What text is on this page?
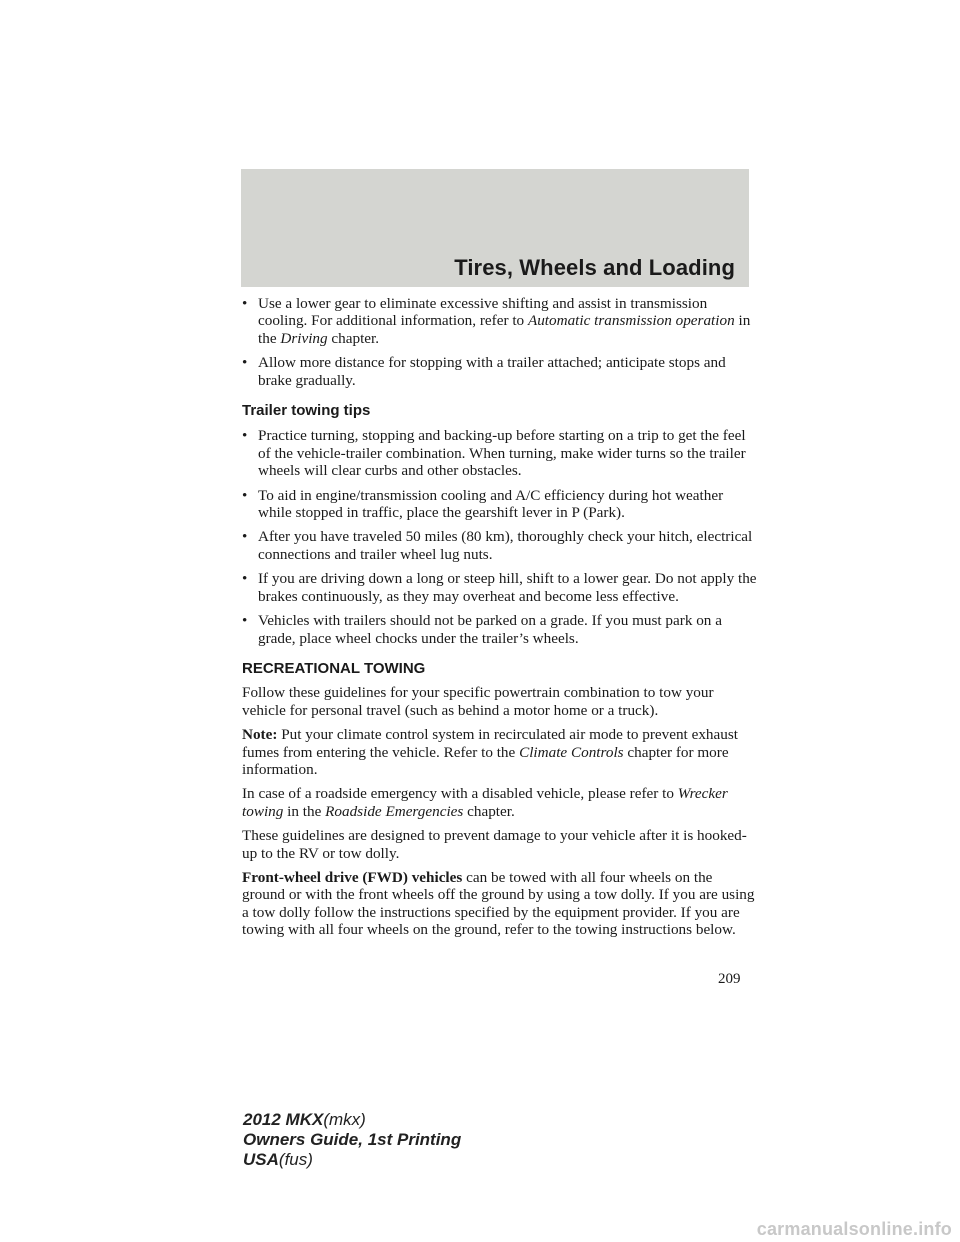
Tires, Wheels and Loading
• Use a lower gear to eliminate excessive shifting and assist in transmission cooling. For additional information, refer to Automatic transmission operation in the Driving chapter.
• Allow more distance for stopping with a trailer attached; anticipate stops and brake gradually.
Trailer towing tips
• Practice turning, stopping and backing-up before starting on a trip to get the feel of the vehicle-trailer combination. When turning, make wider turns so the trailer wheels will clear curbs and other obstacles.
• To aid in engine/transmission cooling and A/C efficiency during hot weather while stopped in traffic, place the gearshift lever in P (Park).
• After you have traveled 50 miles (80 km), thoroughly check your hitch, electrical connections and trailer wheel lug nuts.
• If you are driving down a long or steep hill, shift to a lower gear. Do not apply the brakes continuously, as they may overheat and become less effective.
• Vehicles with trailers should not be parked on a grade. If you must park on a grade, place wheel chocks under the trailer’s wheels.
RECREATIONAL TOWING

Follow these guidelines for your specific powertrain combination to tow your vehicle for personal travel (such as behind a motor home or a truck).

Note: Put your climate control system in recirculated air mode to prevent exhaust fumes from entering the vehicle. Refer to the Climate Controls chapter for more information.

In case of a roadside emergency with a disabled vehicle, please refer to Wrecker towing in the Roadside Emergencies chapter.

These guidelines are designed to prevent damage to your vehicle after it is hooked-up to the RV or tow dolly.

Front-wheel drive (FWD) vehicles can be towed with all four wheels on the ground or with the front wheels off the ground by using a tow dolly. If you are using a tow dolly follow the instructions specified by the equipment provider. If you are towing with all four wheels on the ground, refer to the towing instructions below.

209
2012 MKX(mkx)
Owners Guide, 1st Printing
USA(fus)
carmanualsonline.info
